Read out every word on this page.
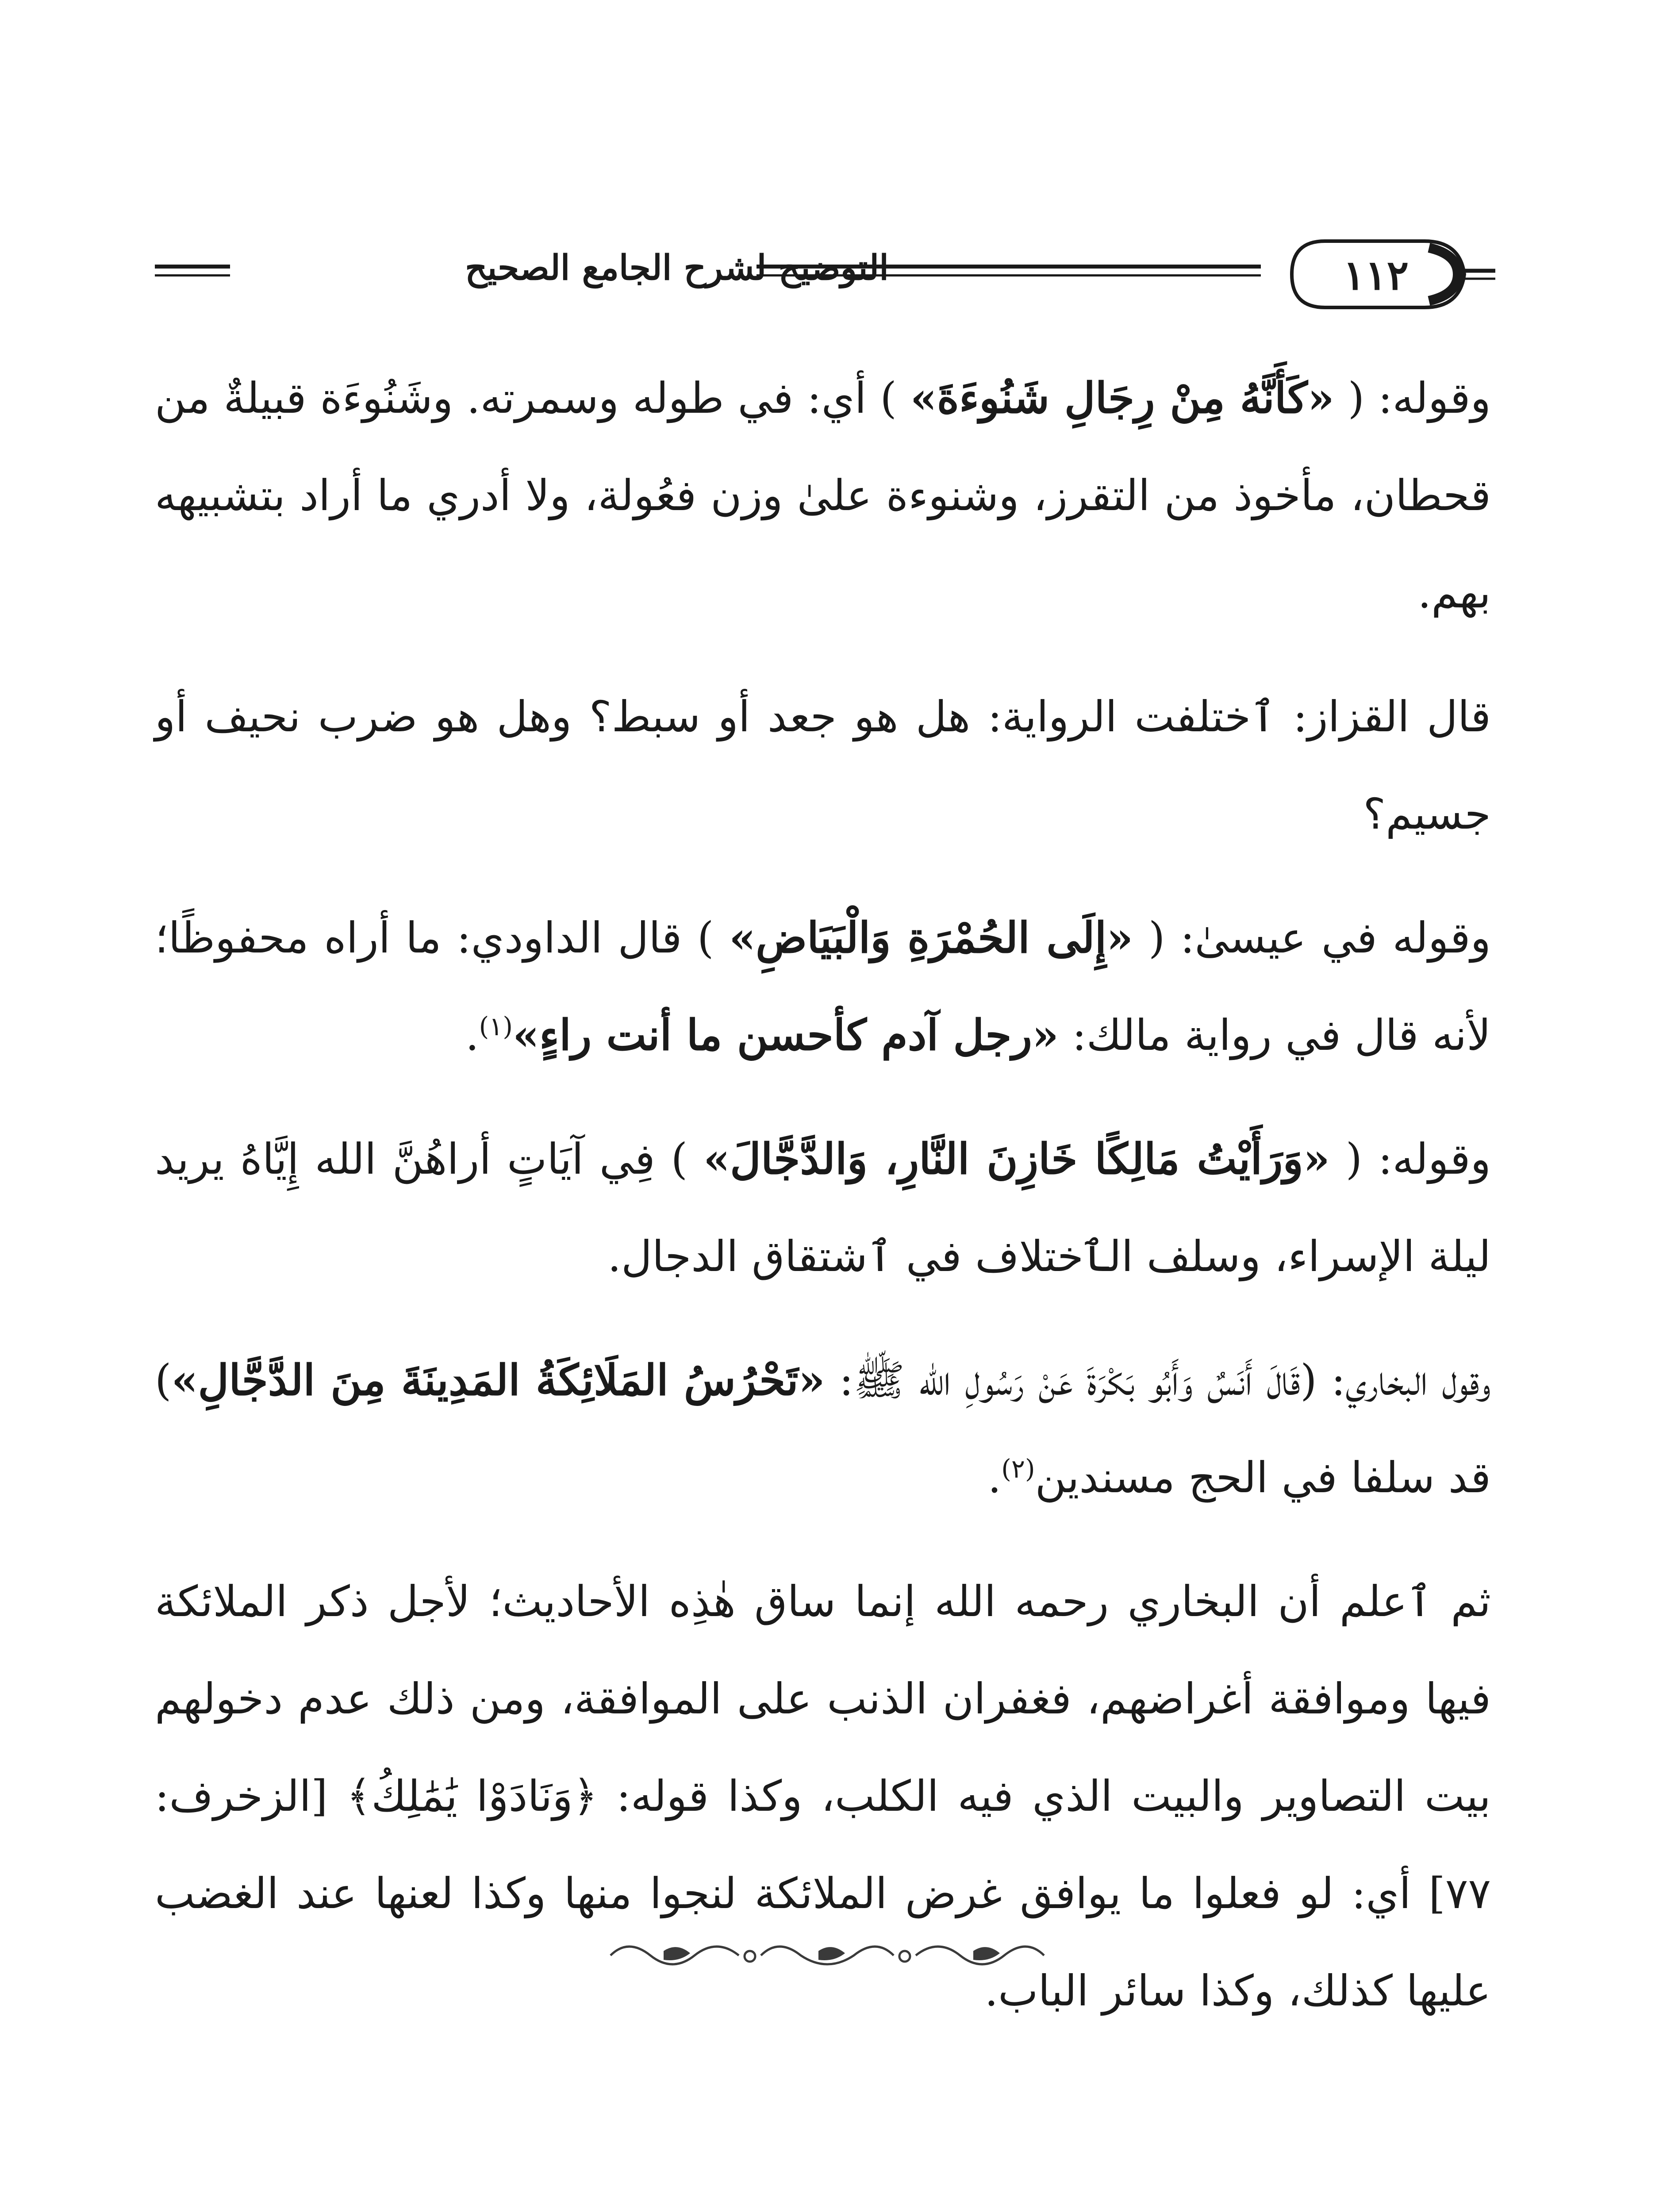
التوضيح لشرح الجامع الصحيح	١١٢

وقوله: ( «كَأَنَّهُ مِنْ رِجَالِ شَنُوءَةَ» ) أي: في طوله وسمرته. وشَنُوءَة قبيلةٌ من قحطان، مأخوذ من التقرز، وشنوءة علىٰ وزن فعُولة، ولا أدري ما أراد بتشبيهه بهم.

قال القزاز: ٱختلفت الرواية: هل هو جعد أو سبط؟ وهل هو ضرب نحيف أو جسيم؟

وقوله في عيسىٰ: ( «إِلَى الحُمْرَةِ وَالْبَيَاضِ» ) قال الداودي: ما أراه محفوظًا؛ لأنه قال في رواية مالك: «رجل آدم كأحسن ما أنت راءٍ»$^{(١)}$.

وقوله: ( «وَرَأَيْتُ مَالِكًا خَازِنَ النَّارِ، وَالدَّجَّالَ» ) فِي آيَاتٍ أراهُنَّ الله إِيَّاهُ يريد ليلة الإسراء، وسلف الٱختلاف في ٱشتقاق الدجال.

وقول البخاري: (قَالَ أَنَسٌ وَأَبُو بَكْرَةَ عَنْ رَسُولِ الله ﷺ: «تَحْرُسُ المَلَائِكَةُ المَدِينَةَ مِنَ الدَّجَّالِ») قد سلفا في الحج مسندين$^{(٢)}$.

ثم ٱعلم أن البخاري رحمه الله إنما ساق هٰذِه الأحاديث؛ لأجل ذكر الملائكة فيها وموافقة أغراضهم، فغفران الذنب على الموافقة، ومن ذلك عدم دخولهم بيت التصاوير والبيت الذي فيه الكلب، وكذا قوله: ﴿وَنَادَوْا يَٰمَٰلِكُ﴾ [الزخرف: ٧٧] أي: لو فعلوا ما يوافق غرض الملائكة لنجوا منها وكذا لعنها عند الغضب عليها كذلك، وكذا سائر الباب.
